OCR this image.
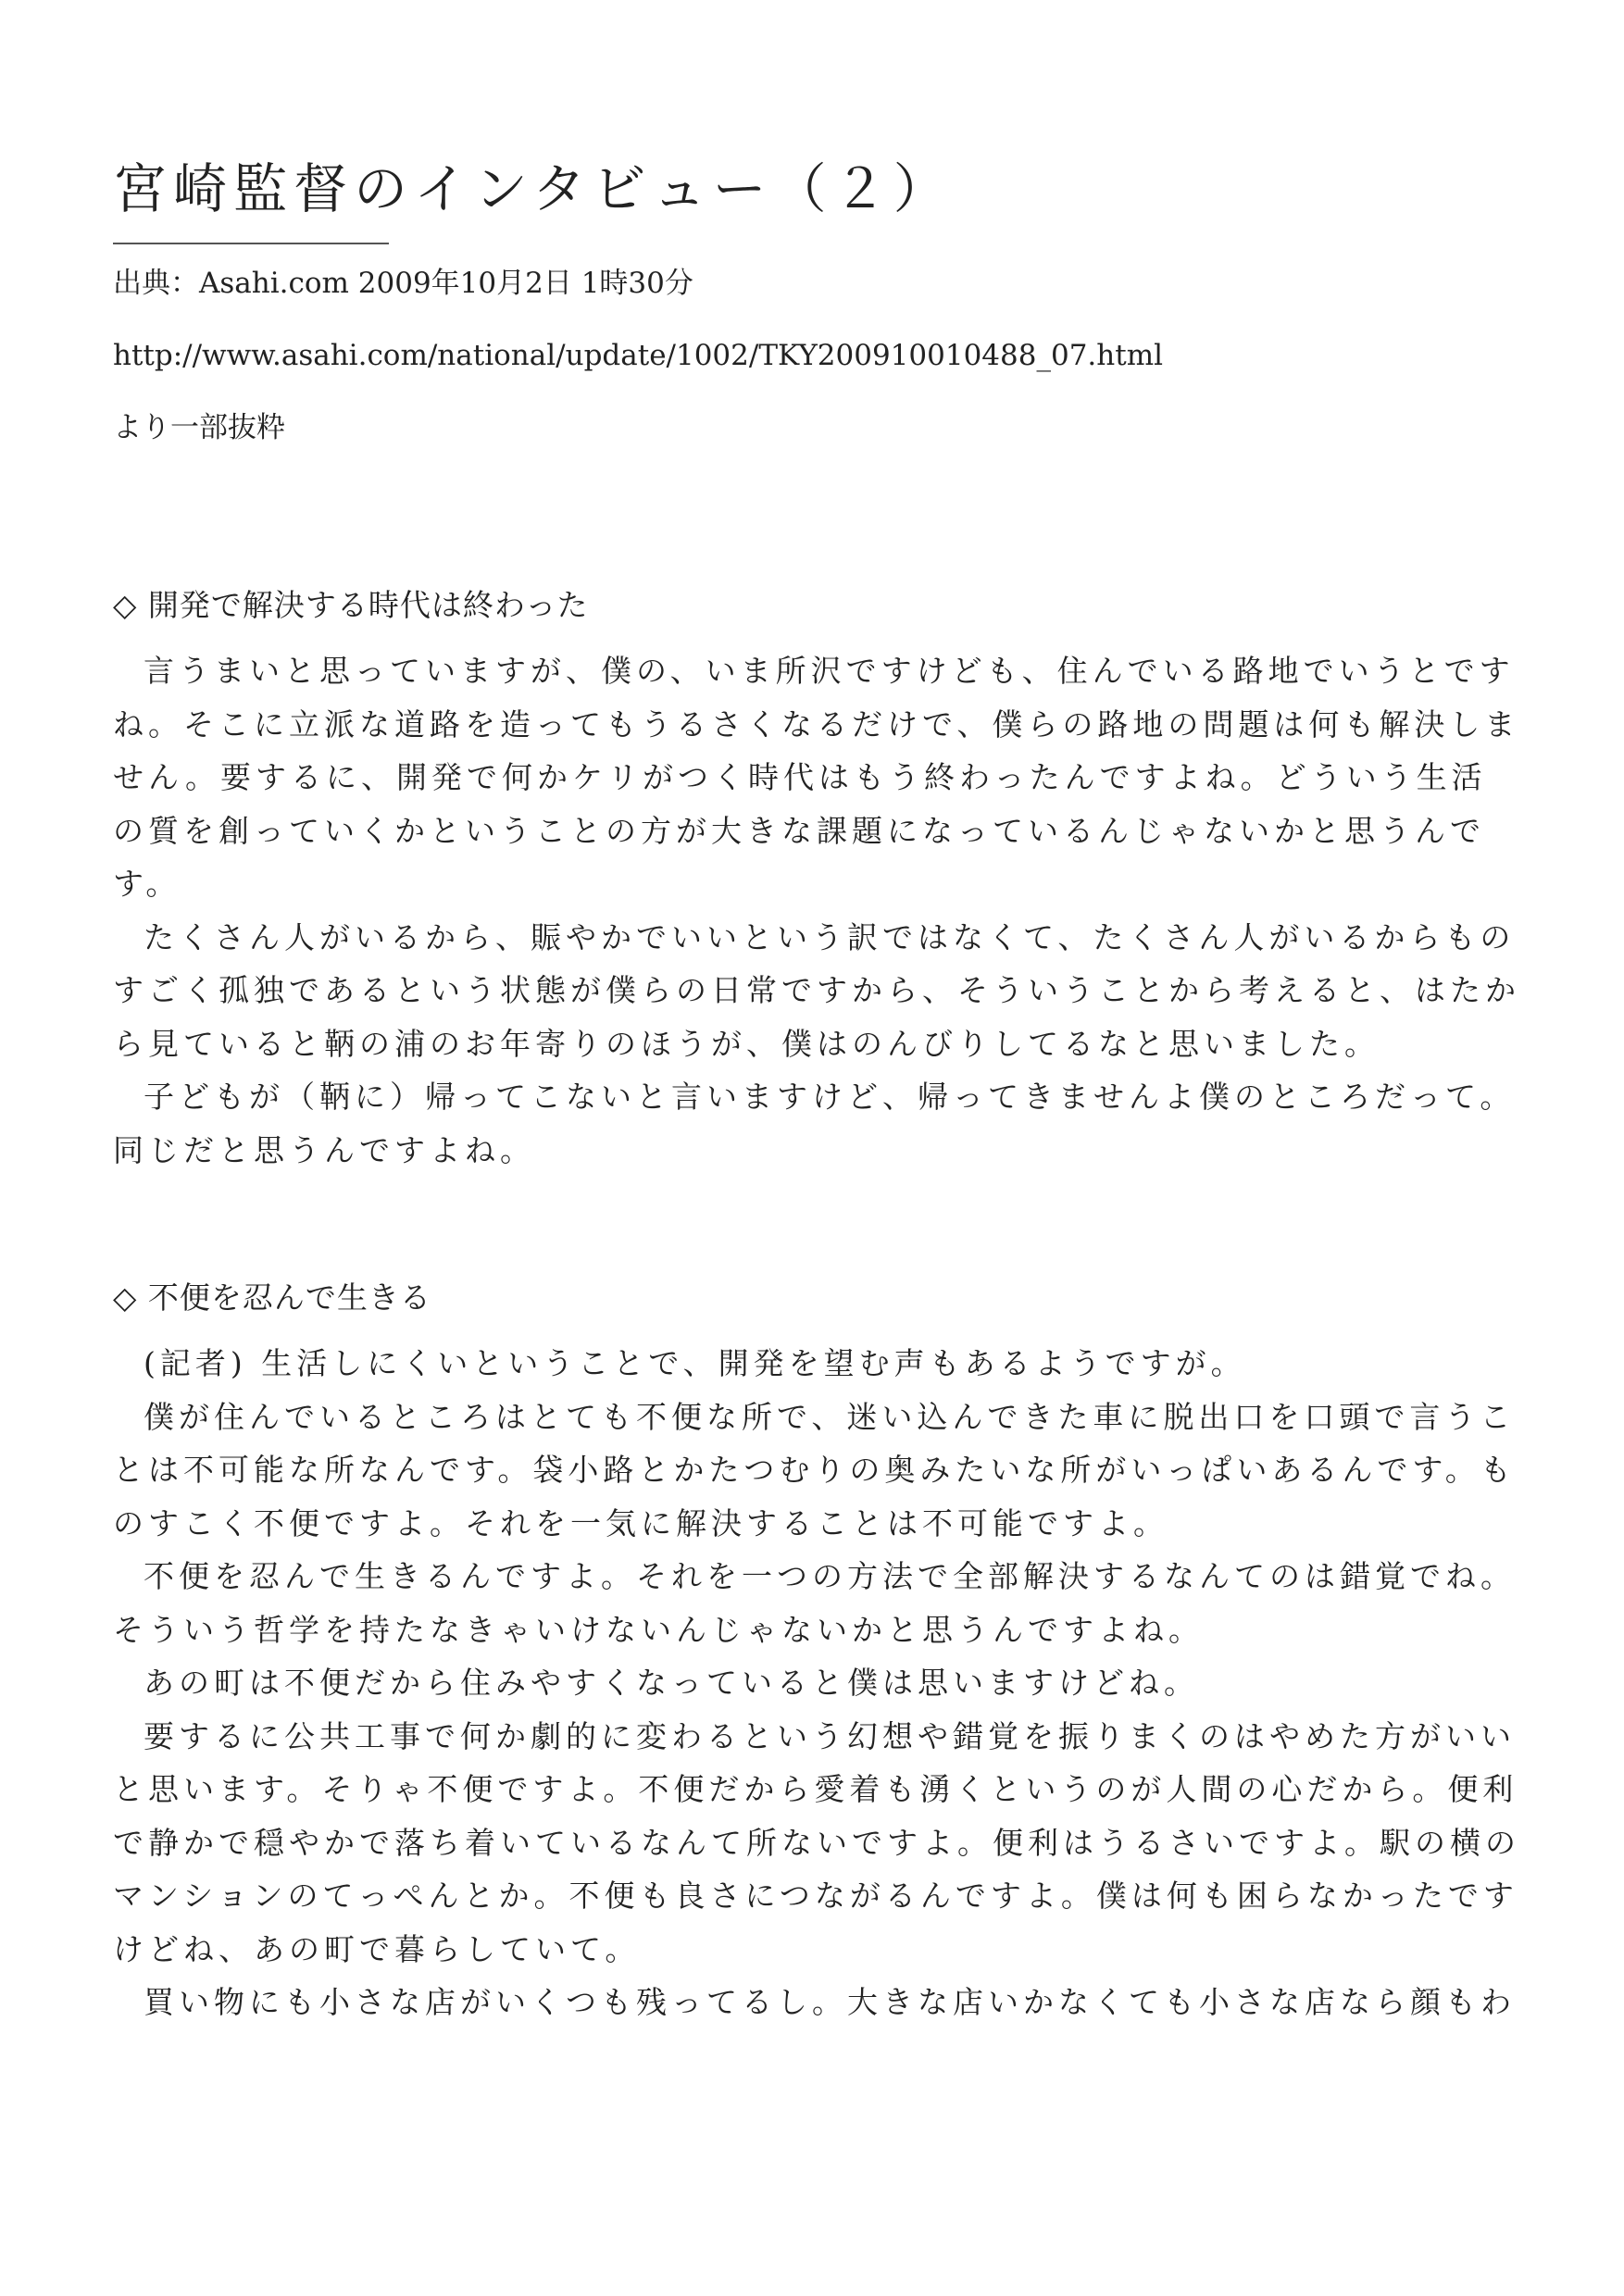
宮崎監督のインタビュー（２）
出典：Asahi.com 2009年10月2日 1時30分
http://www.asahi.com/national/update/1002/TKY200910010488_07.html
より一部抜粋
◇ 開発で解決する時代は終わった

言うまいと思っていますが、僕の、いま所沢ですけども、住んでいる路地でいうとですね。そこに立派な道路を造ってもうるさくなるだけで、僕らの路地の問題は何も解決しません。要するに、開発で何かケリがつく時代はもう終わったんですよね。どういう生活の質を創っていくかということの方が大きな課題になっているんじゃないかと思うんです。

たくさん人がいるから、賑やかでいいという訳ではなくて、たくさん人がいるからものすごく孤独であるという状態が僕らの日常ですから、そういうことから考えると、はたから見ていると鞆の浦のお年寄りのほうが、僕はのんびりしてるなと思いました。

子どもが（鞆に）帰ってこないと言いますけど、帰ってきませんよ僕のところだって。同じだと思うんですよね。

◇ 不便を忍んで生きる

(記者) 生活しにくいということで、開発を望む声もあるようですが。

僕が住んでいるところはとても不便な所で、迷い込んできた車に脱出口を口頭で言うことは不可能な所なんです。袋小路とかたつむりの奥みたいな所がいっぱいあるんです。ものすこく不便ですよ。それを一気に解決することは不可能ですよ。

不便を忍んで生きるんですよ。それを一つの方法で全部解決するなんてのは錯覚でね。そういう哲学を持たなきゃいけないんじゃないかと思うんですよね。

あの町は不便だから住みやすくなっていると僕は思いますけどね。

要するに公共工事で何か劇的に変わるという幻想や錯覚を振りまくのはやめた方がいいと思います。そりゃ不便ですよ。不便だから愛着も湧くというのが人間の心だから。便利で静かで穏やかで落ち着いているなんて所ないですよ。便利はうるさいですよ。駅の横のマンションのてっぺんとか。不便も良さにつながるんですよ。僕は何も困らなかったですけどね、あの町で暮らしていて。

買い物にも小さな店がいくつも残ってるし。大きな店いかなくても小さな店なら顔もわ
